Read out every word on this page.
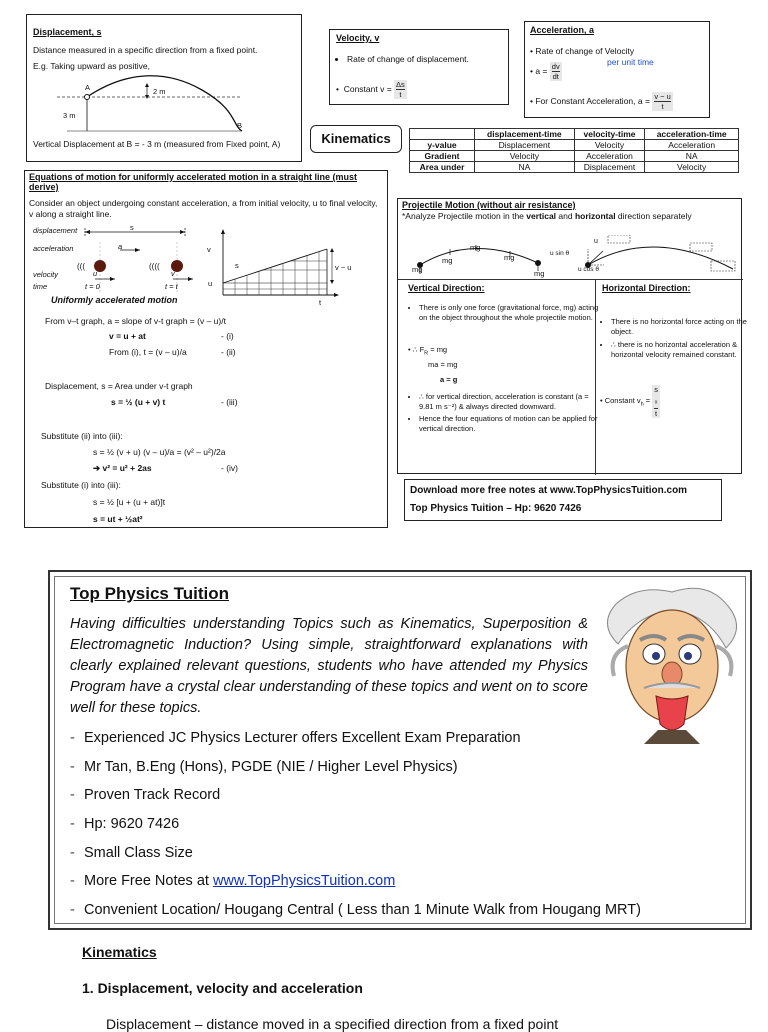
Displacement, s
Distance measured in a specific direction from a fixed point.
E.g. Taking upward as positive,
A
B
2 m
3 m
Vertical Displacement at B = - 3 m (measured from Fixed point, A)
Velocity, v
• Rate of change of displacement.
•  Constant $v = \frac{\Delta s}{t}$
Acceleration, a
• Rate of change of Velocity
• $a = \frac{dv}{dt}$	per unit time
• For Constant Acceleration, $a = \frac{v - u}{t}$
Kinematics
		displacement-time	velocity-time	acceleration-time
y-value	Displacement	Velocity	Acceleration
Gradient	Velocity	Acceleration	NA
Area under	NA	Displacement	Velocity
Equations of motion for uniformly accelerated motion in a straight line (must derive)
Consider an object undergoing constant acceleration, a from initial velocity, u to final velocity, v along a straight line.
displacement
acceleration
velocity
time
(((	((((
s
a
u	v
t = 0	t = t
Uniformly accelerated motion
v
u
t
s	v − u
From v–t graph, a = slope of v-t graph = (v – u)/t
v = u + at	- (i)
From (i), t = (v – u)/a	- (ii)
Displacement, s = Area under v-t graph
s = ½ (u + v) t	- (iii)
Substitute (ii) into (iii):
s = ½ (v + u) (v – u)/a = (v² – u²)/2a
➔ v² = u² + 2as	- (iv)
Substitute (i) into (iii):
s = ½ [u + (u + at)]t
s = ut + ½at²
Projectile Motion (without air resistance)
*Analyze Projectile motion in the vertical and horizontal direction separately
mg
mg
mg
mg
mg
u sin θ
u
u cos θ
Vertical Direction:
• There is only one force (gravitational force, mg) acting on the object throughout the whole projectile motion.
• ∴ $F_R$ = mg
ma = mg
a = g
• ∴ for vertical direction, acceleration is constant (a = 9.81 m s⁻²) & always directed downward.
• Hence the four equations of motion can be applied for vertical direction.
Horizontal Direction:
• There is no horizontal force acting on the object.
• ∴ there is no horizontal acceleration & horizontal velocity remained constant.
• Constant $v_h = s$
$_x$
t
Download more free notes at www.TopPhysicsTuition.com
Top Physics Tuition – Hp: 9620 7426
Top Physics Tuition
Having difficulties understanding Topics such as Kinematics, Superposition & Electromagnetic Induction? Using simple, straightforward explanations with clearly explained relevant questions, students who have attended my Physics Program have a crystal clear understanding of these topics and went on to score well for these topics.
- Experienced JC Physics Lecturer offers Excellent Exam Preparation
- Mr Tan, B.Eng (Hons), PGDE (NIE / Higher Level Physics)
- Proven Track Record
- Hp: 9620 7426
- Small Class Size
- More Free Notes at www.TopPhysicsTuition.com
- Convenient Location/ Hougang Central ( Less than 1 Minute Walk from Hougang MRT)
Kinematics
1. Displacement, velocity and acceleration
Displacement – distance moved in a specified direction from a fixed point
